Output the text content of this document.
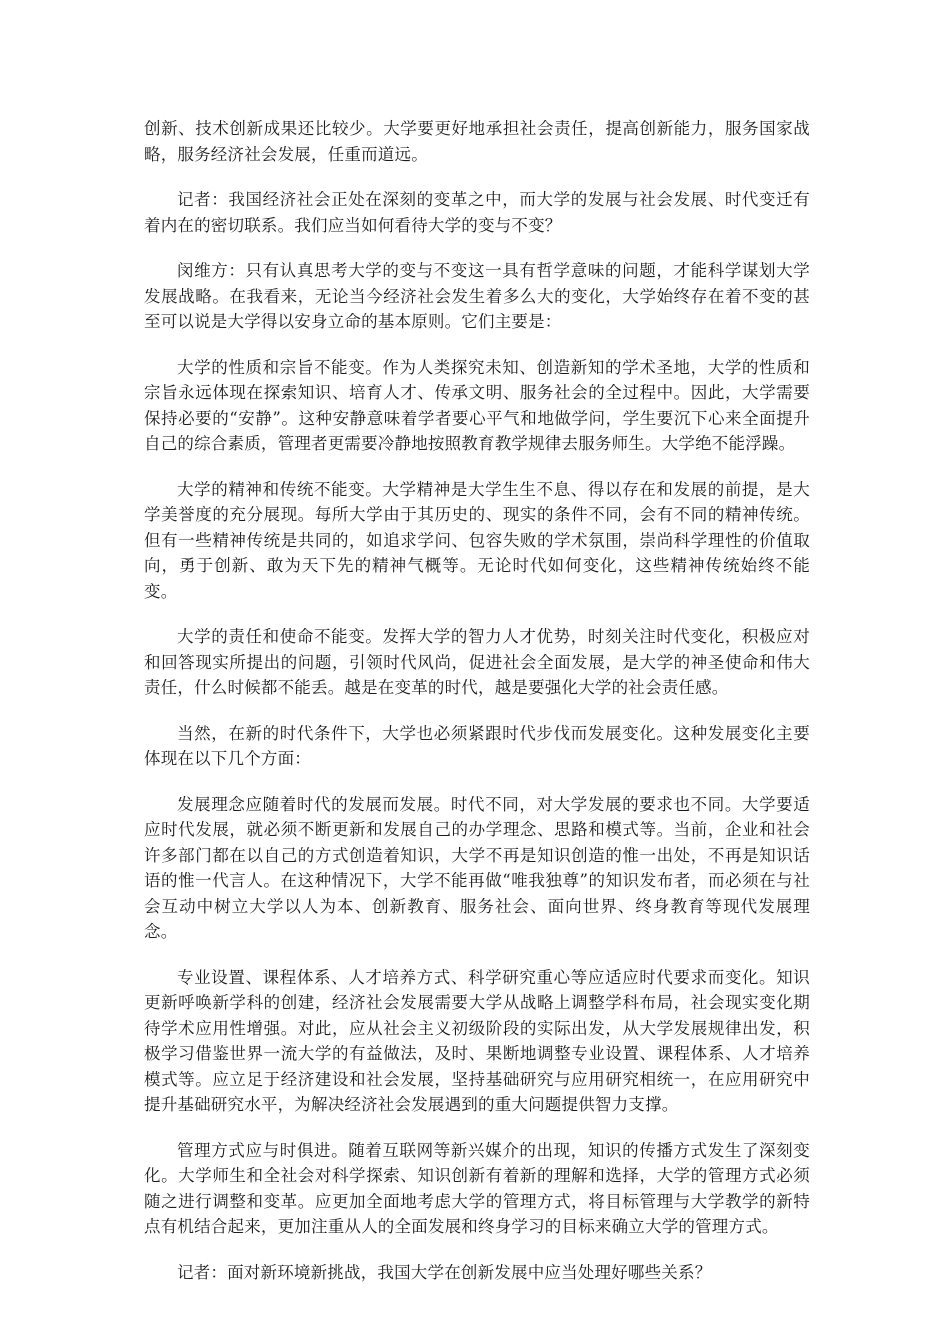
创新、技术创新成果还比较少。大学要更好地承担社会责任，提高创新能力，服务国家战略，服务经济社会发展，任重而道远。

记者：我国经济社会正处在深刻的变革之中，而大学的发展与社会发展、时代变迁有着内在的密切联系。我们应当如何看待大学的变与不变？

闵维方：只有认真思考大学的变与不变这一具有哲学意味的问题，才能科学谋划大学发展战略。在我看来，无论当今经济社会发生着多么大的变化，大学始终存在着不变的甚至可以说是大学得以安身立命的基本原则。它们主要是：

大学的性质和宗旨不能变。作为人类探究未知、创造新知的学术圣地，大学的性质和宗旨永远体现在探索知识、培育人才、传承文明、服务社会的全过程中。因此，大学需要保持必要的“安静”。这种安静意味着学者要心平气和地做学问，学生要沉下心来全面提升自己的综合素质，管理者更需要冷静地按照教育教学规律去服务师生。大学绝不能浮躁。

大学的精神和传统不能变。大学精神是大学生生不息、得以存在和发展的前提，是大学美誉度的充分展现。每所大学由于其历史的、现实的条件不同，会有不同的精神传统。但有一些精神传统是共同的，如追求学问、包容失败的学术氛围，崇尚科学理性的价值取向，勇于创新、敢为天下先的精神气概等。无论时代如何变化，这些精神传统始终不能变。

大学的责任和使命不能变。发挥大学的智力人才优势，时刻关注时代变化，积极应对和回答现实所提出的问题，引领时代风尚，促进社会全面发展，是大学的神圣使命和伟大责任，什么时候都不能丢。越是在变革的时代，越是要强化大学的社会责任感。

当然，在新的时代条件下，大学也必须紧跟时代步伐而发展变化。这种发展变化主要体现在以下几个方面：

发展理念应随着时代的发展而发展。时代不同，对大学发展的要求也不同。大学要适应时代发展，就必须不断更新和发展自己的办学理念、思路和模式等。当前，企业和社会许多部门都在以自己的方式创造着知识，大学不再是知识创造的惟一出处，不再是知识话语的惟一代言人。在这种情况下，大学不能再做“唯我独尊”的知识发布者，而必须在与社会互动中树立大学以人为本、创新教育、服务社会、面向世界、终身教育等现代发展理念。

专业设置、课程体系、人才培养方式、科学研究重心等应适应时代要求而变化。知识更新呼唤新学科的创建，经济社会发展需要大学从战略上调整学科布局，社会现实变化期待学术应用性增强。对此，应从社会主义初级阶段的实际出发，从大学发展规律出发，积极学习借鉴世界一流大学的有益做法，及时、果断地调整专业设置、课程体系、人才培养模式等。应立足于经济建设和社会发展，坚持基础研究与应用研究相统一，在应用研究中提升基础研究水平，为解决经济社会发展遇到的重大问题提供智力支撑。

管理方式应与时俱进。随着互联网等新兴媒介的出现，知识的传播方式发生了深刻变化。大学师生和全社会对科学探索、知识创新有着新的理解和选择，大学的管理方式必须随之进行调整和变革。应更加全面地考虑大学的管理方式，将目标管理与大学教学的新特点有机结合起来，更加注重从人的全面发展和终身学习的目标来确立大学的管理方式。

记者：面对新环境新挑战，我国大学在创新发展中应当处理好哪些关系？
